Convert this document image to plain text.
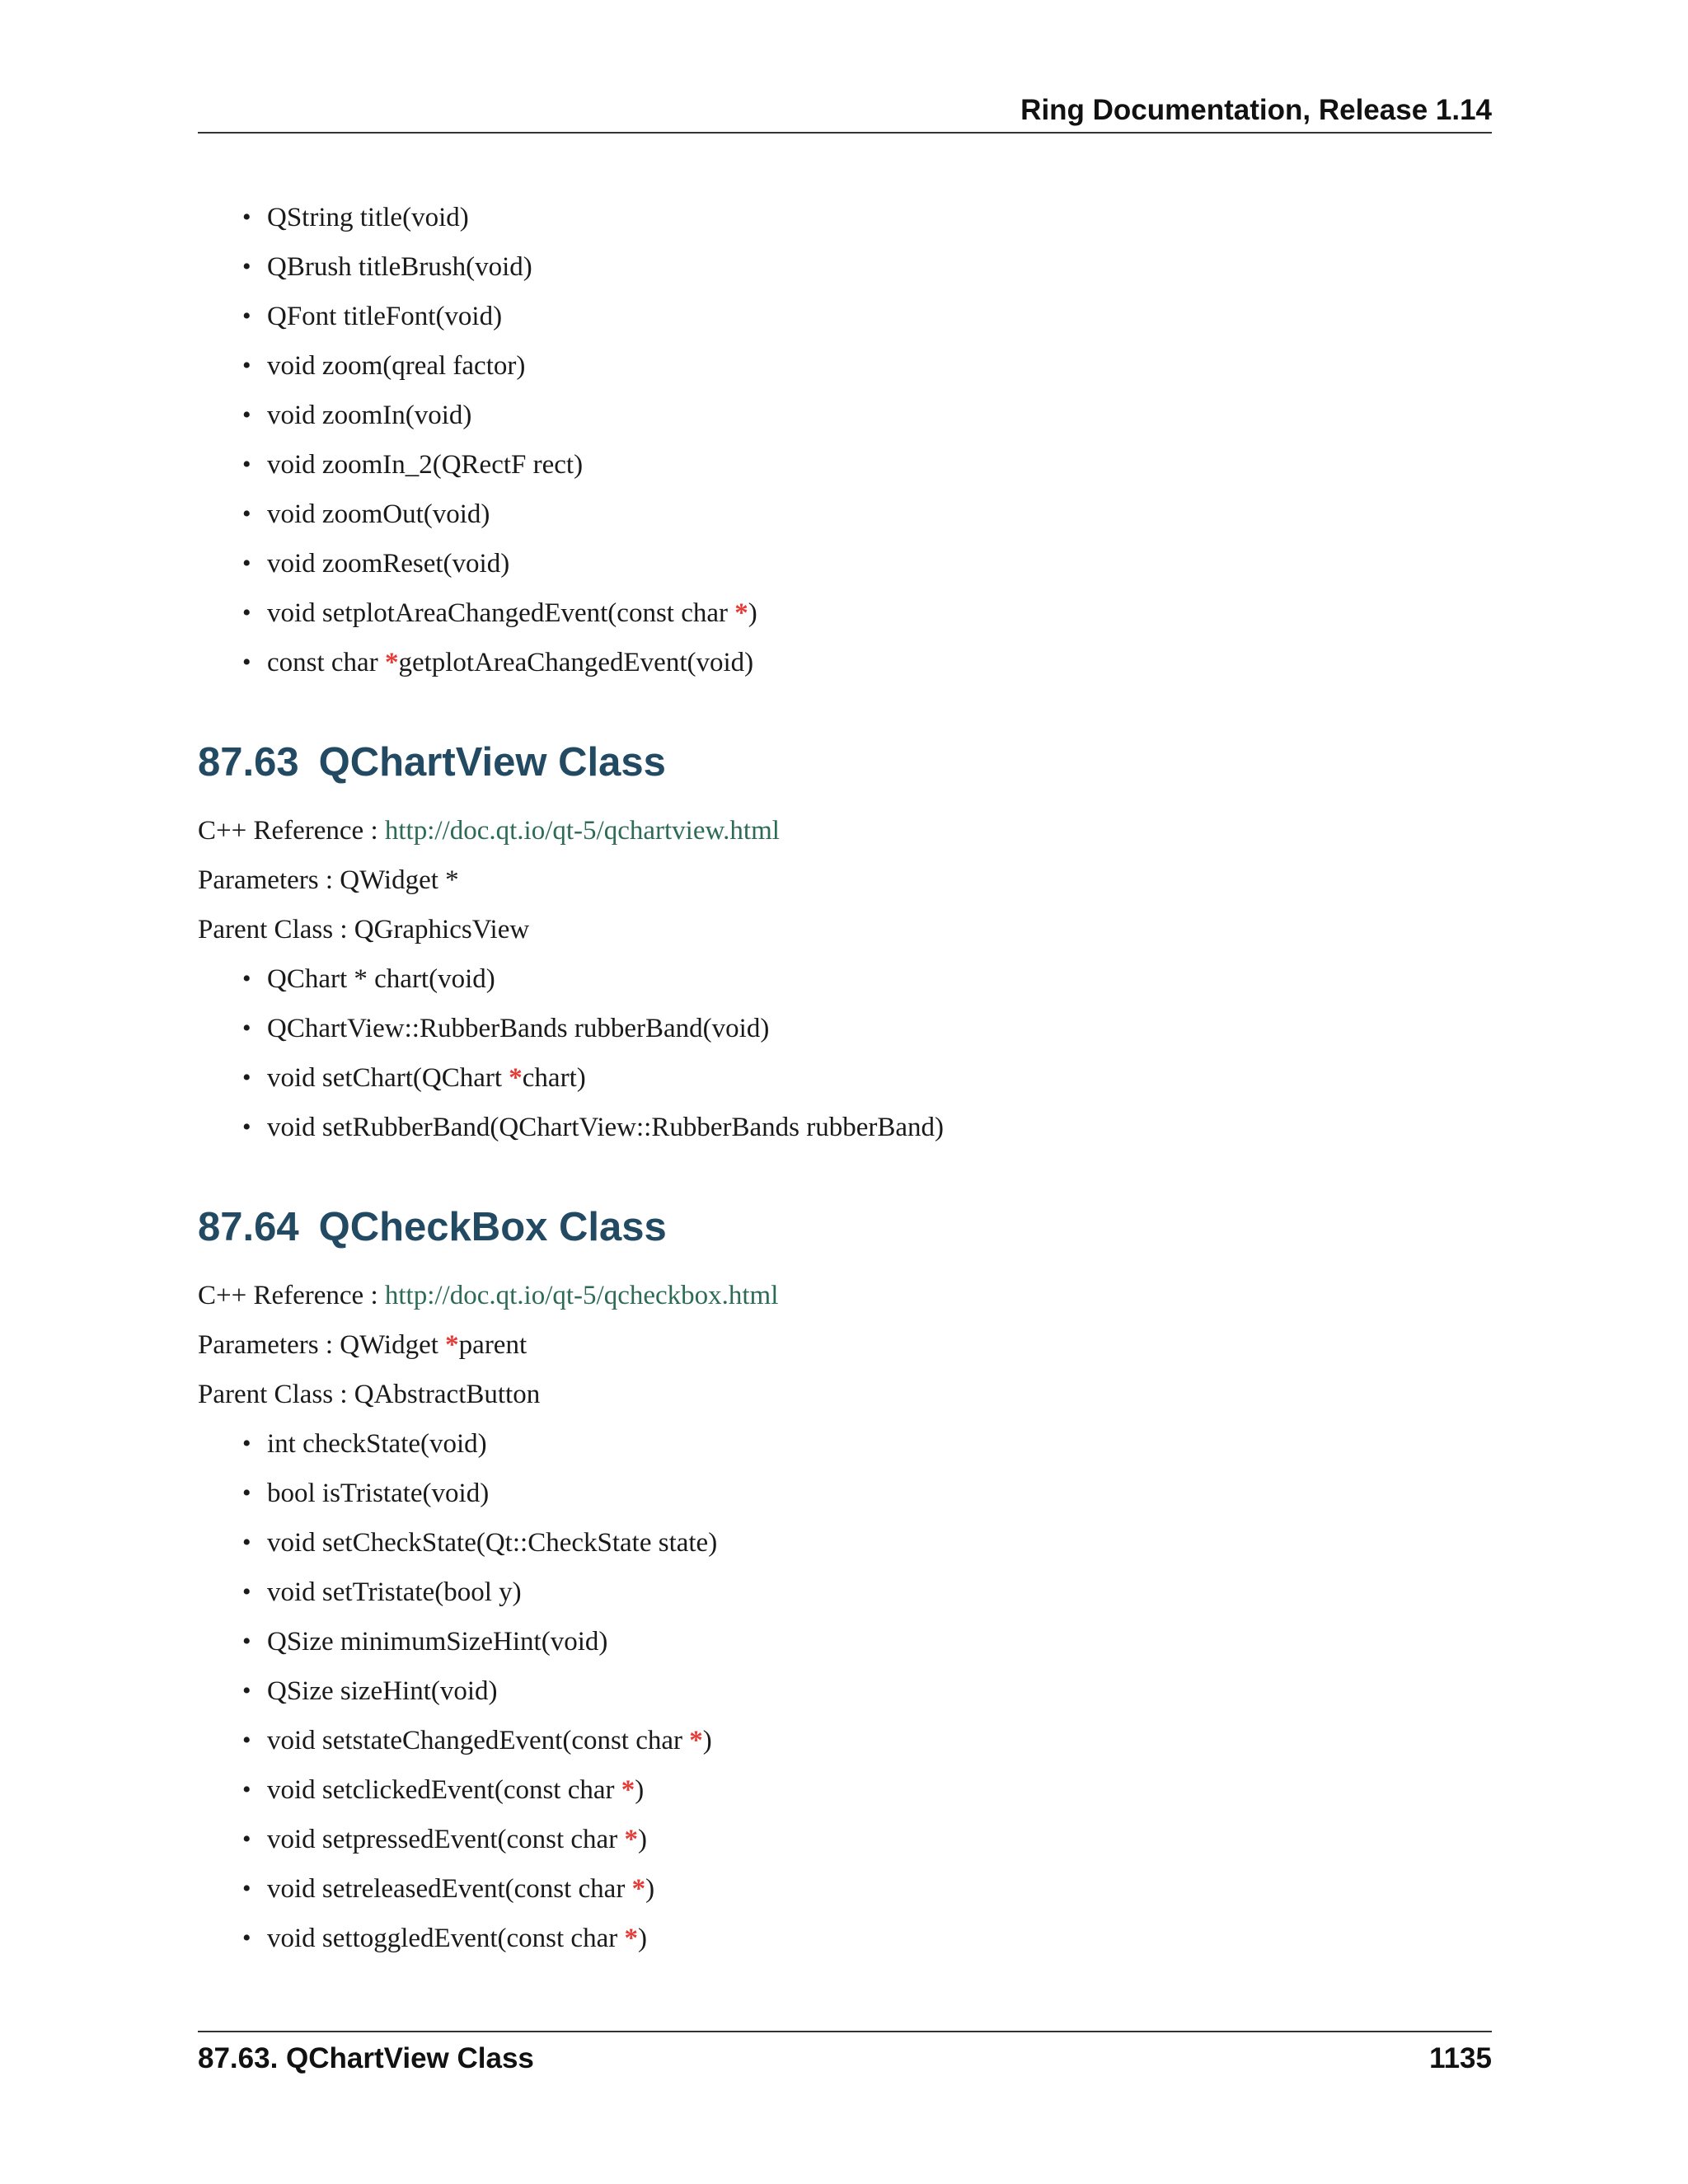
Ring Documentation, Release 1.14
• QString title(void)
• QBrush titleBrush(void)
• QFont titleFont(void)
• void zoom(qreal factor)
• void zoomIn(void)
• void zoomIn_2(QRectF rect)
• void zoomOut(void)
• void zoomReset(void)
• void setplotAreaChangedEvent(const char *)
• const char *getplotAreaChangedEvent(void)
87.63 QChartView Class
C++ Reference : http://doc.qt.io/qt-5/qchartview.html
Parameters : QWidget *
Parent Class : QGraphicsView
• QChart * chart(void)
• QChartView::RubberBands rubberBand(void)
• void setChart(QChart *chart)
• void setRubberBand(QChartView::RubberBands rubberBand)
87.64 QCheckBox Class
C++ Reference : http://doc.qt.io/qt-5/qcheckbox.html
Parameters : QWidget *parent
Parent Class : QAbstractButton
• int checkState(void)
• bool isTristate(void)
• void setCheckState(Qt::CheckState state)
• void setTristate(bool y)
• QSize minimumSizeHint(void)
• QSize sizeHint(void)
• void setstateChangedEvent(const char *)
• void setclickedEvent(const char *)
• void setpressedEvent(const char *)
• void setreleasedEvent(const char *)
• void settoggledEvent(const char *)
87.63. QChartView Class	1135
